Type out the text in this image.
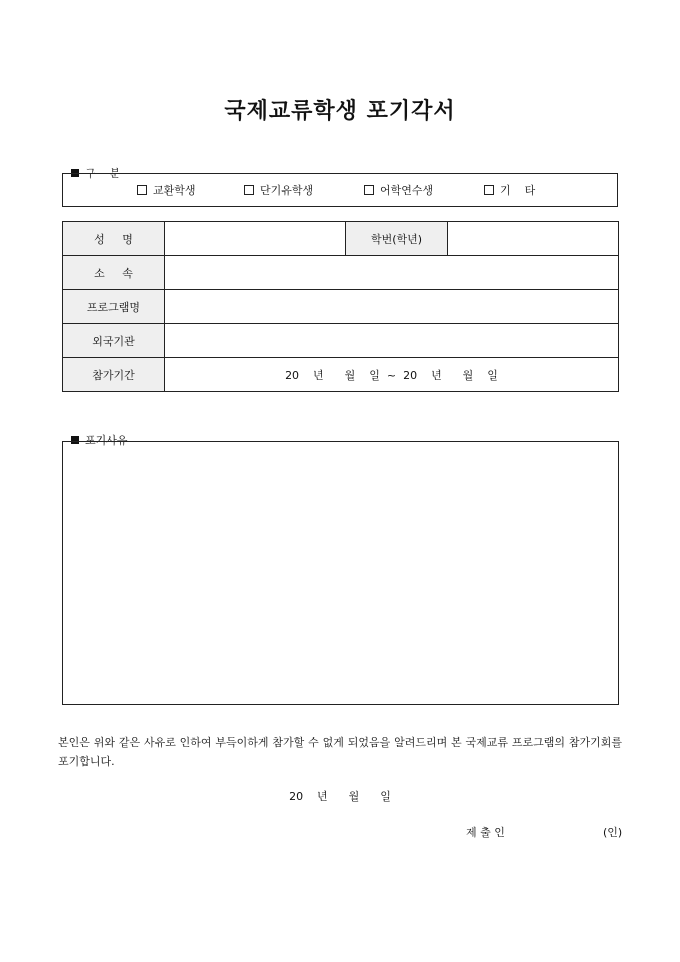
국제교류학생 포기각서

구    분

교환학생	단기유학생	어학연수생	기    타
성     명		학번(학년)	
소     속			
프로그램명			
외국기관			
참가기간	20    년      월    일  ~  20    년      월    일		

포기사유

본인은 위와 같은 사유로 인하여 부득이하게 참가할 수 없게 되었음을 알려드리며 본 국제교류 프로그램의 참가기회를 포기합니다.
20    년      월      일
제 출 인	(인)
